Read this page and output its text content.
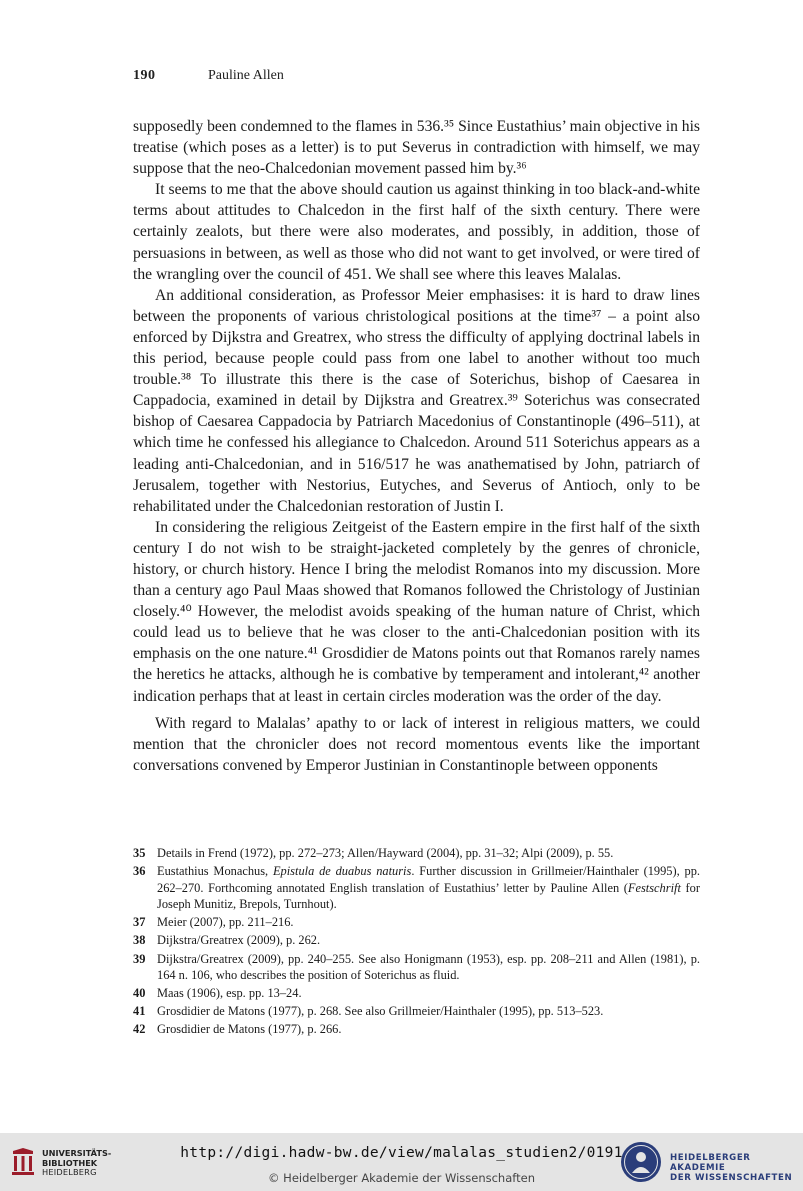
190	Pauline Allen

supposedly been condemned to the flames in 536.³⁵ Since Eustathius’ main objective in his treatise (which poses as a letter) is to put Severus in contradiction with himself, we may suppose that the neo-Chalcedonian movement passed him by.³⁶

It seems to me that the above should caution us against thinking in too black-and-white terms about attitudes to Chalcedon in the first half of the sixth century. There were certainly zealots, but there were also moderates, and possibly, in addition, those of persuasions in between, as well as those who did not want to get involved, or were tired of the wrangling over the council of 451. We shall see where this leaves Malalas.

An additional consideration, as Professor Meier emphasises: it is hard to draw lines between the proponents of various christological positions at the time³⁷ – a point also enforced by Dijkstra and Greatrex, who stress the difficulty of applying doctrinal labels in this period, because people could pass from one label to another without too much trouble.³⁸ To illustrate this there is the case of Soterichus, bishop of Caesarea in Cappadocia, examined in detail by Dijkstra and Greatrex.³⁹ Soterichus was consecrated bishop of Caesarea Cappadocia by Patriarch Macedonius of Constantinople (496–511), at which time he confessed his allegiance to Chalcedon. Around 511 Soterichus appears as a leading anti-Chalcedonian, and in 516/517 he was anathematised by John, patriarch of Jerusalem, together with Nestorius, Eutyches, and Severus of Antioch, only to be rehabilitated under the Chalcedonian restoration of Justin I.

In considering the religious Zeitgeist of the Eastern empire in the first half of the sixth century I do not wish to be straight-jacketed completely by the genres of chronicle, history, or church history. Hence I bring the melodist Romanos into my discussion. More than a century ago Paul Maas showed that Romanos followed the Christology of Justinian closely.⁴⁰ However, the melodist avoids speaking of the human nature of Christ, which could lead us to believe that he was closer to the anti-Chalcedonian position with its emphasis on the one nature.⁴¹ Grosdidier de Matons points out that Romanos rarely names the heretics he attacks, although he is combative by temperament and intolerant,⁴² another indication perhaps that at least in certain circles moderation was the order of the day.

With regard to Malalas’ apathy to or lack of interest in religious matters, we could mention that the chronicler does not record momentous events like the important conversations convened by Emperor Justinian in Constantinople between opponents

35 Details in Frend (1972), pp. 272–273; Allen/Hayward (2004), pp. 31–32; Alpi (2009), p. 55.
36 Eustathius Monachus, Epistula de duabus naturis. Further discussion in Grillmeier/Hainthaler (1995), pp. 262–270. Forthcoming annotated English translation of Eustathius’ letter by Pauline Allen (Festschrift for Joseph Munitiz, Brepols, Turnhout).
37 Meier (2007), pp. 211–216.
38 Dijkstra/Greatrex (2009), p. 262.
39 Dijkstra/Greatrex (2009), pp. 240–255. See also Honigmann (1953), esp. pp. 208–211 and Allen (1981), p. 164 n. 106, who describes the position of Soterichus as fluid.
40 Maas (1906), esp. pp. 13–24.
41 Grosdidier de Matons (1977), p. 268. See also Grillmeier/Hainthaler (1995), pp. 513–523.
42 Grosdidier de Matons (1977), p. 266.
UNIVERSITÄTS-
BIBLIOTHEK
HEIDELBERG
http://digi.hadw-bw.de/view/malalas_studien2/0191
© Heidelberger Akademie der Wissenschaften
HEIDELBERGER AKADEMIE
DER WISSENSCHAFTEN
